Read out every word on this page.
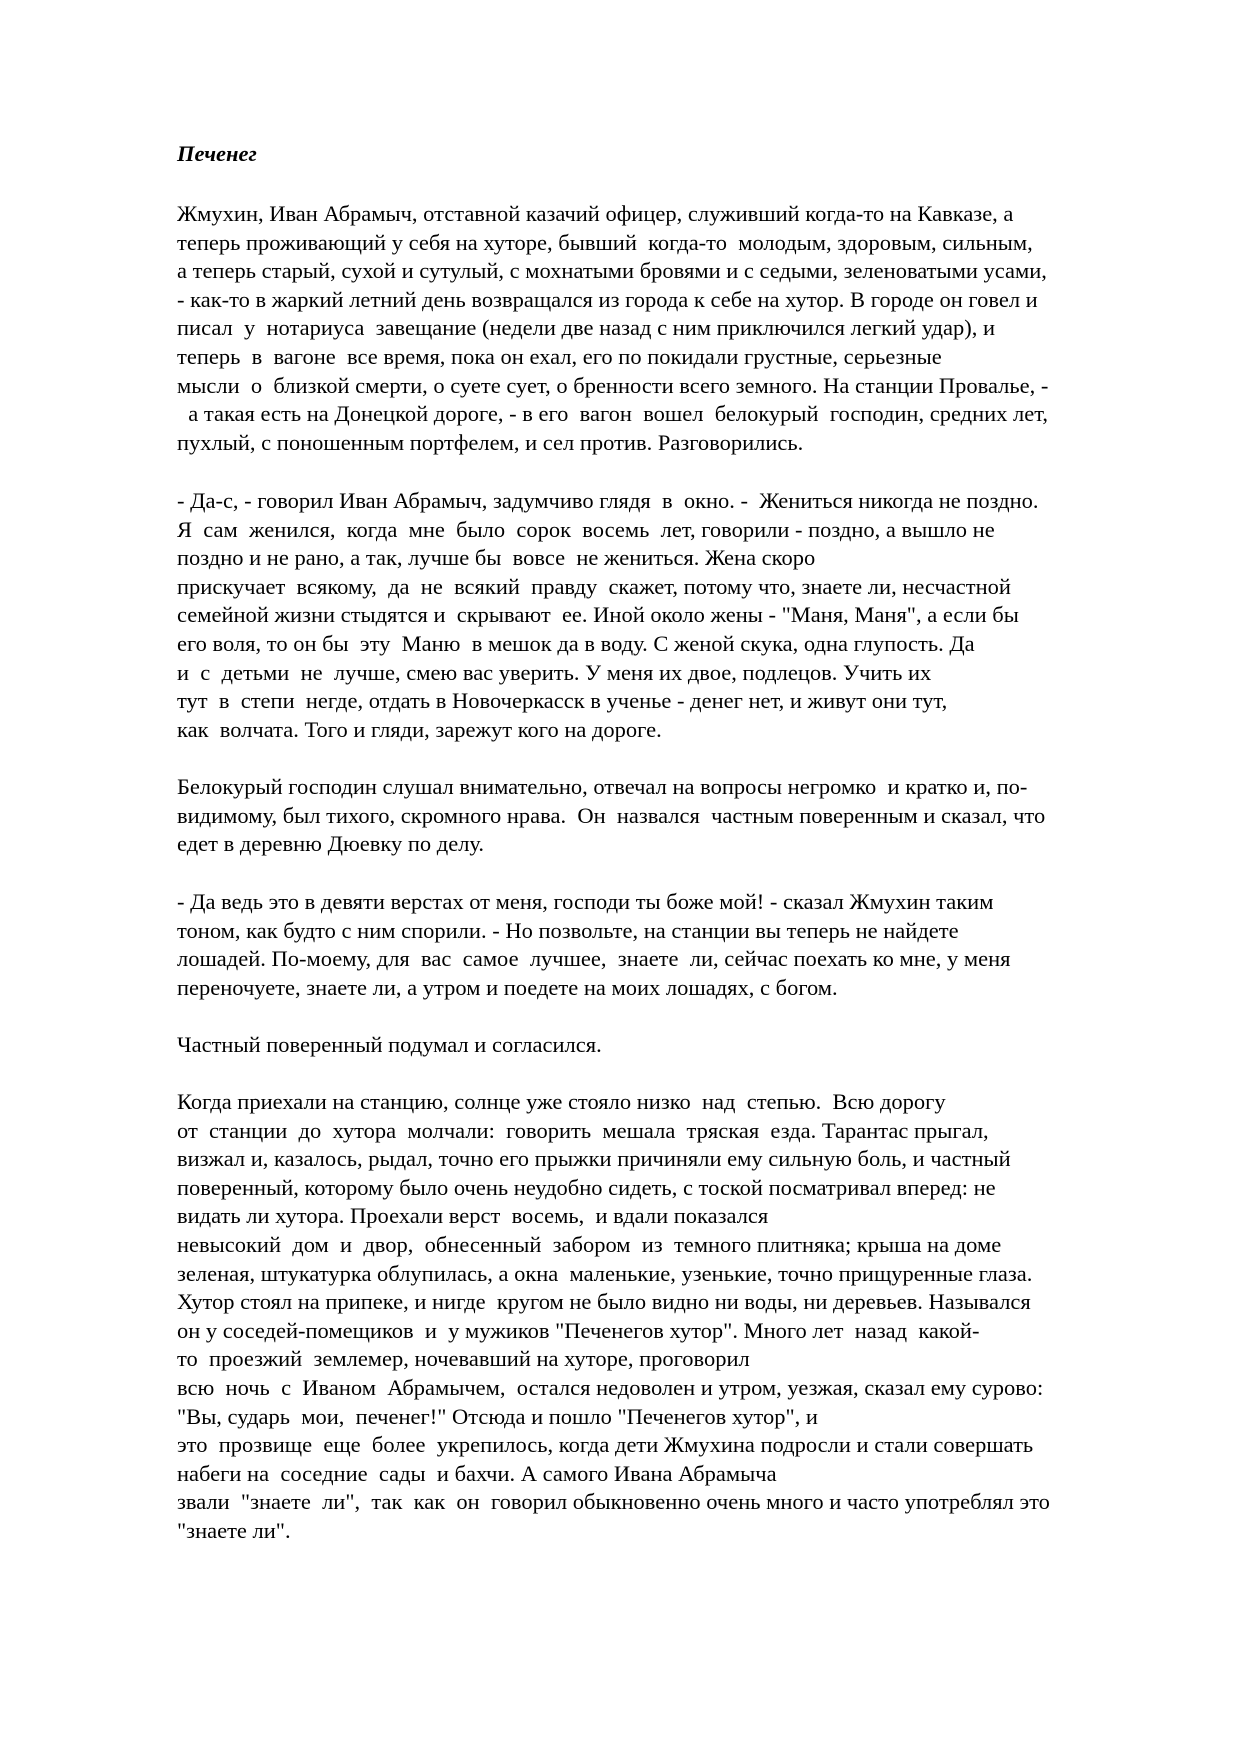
Печенег
Жмухин, Иван Абрамыч, отставной казачий офицер, служивший когда-то на Кавказе, а
теперь проживающий у себя на хуторе, бывший  когда-то  молодым, здоровым, сильным,
а теперь старый, сухой и сутулый, с мохнатыми бровями и с седыми, зеленоватыми усами,
- как-то в жаркий летний день возвращался из города к себе на хутор. В городе он говел и
писал  у  нотариуса  завещание (недели две назад с ним приключился легкий удар), и
теперь  в  вагоне  все время, пока он ехал, его по покидали грустные, серьезные
мысли  о  близкой смерти, о суете сует, о бренности всего земного. На станции Провалье, -
а такая есть на Донецкой дороге, - в его  вагон  вошел  белокурый  господин, средних лет,
пухлый, с поношенным портфелем, и сел против. Разговорились.
- Да-с, - говорил Иван Абрамыч, задумчиво глядя  в  окно. -  Жениться никогда не поздно.
Я  сам  женился,  когда  мне  было  сорок  восемь  лет, говорили - поздно, а вышло не
поздно и не рано, а так, лучше бы  вовсе  не жениться. Жена скоро
прискучает  всякому,  да  не  всякий  правду  скажет, потому что, знаете ли, несчастной
семейной жизни стыдятся и  скрывают  ее. Иной около жены - "Маня, Маня", а если бы
его воля, то он бы  эту  Маню  в мешок да в воду. С женой скука, одна глупость. Да
и  с  детьми  не  лучше, смею вас уверить. У меня их двое, подлецов. Учить их
тут  в  степи  негде, отдать в Новочеркасск в ученье - денег нет, и живут они тут,
как  волчата. Того и гляди, зарежут кого на дороге.
Белокурый господин слушал внимательно, отвечал на вопросы негромко  и кратко и, по-
видимому, был тихого, скромного нрава.  Он  назвался  частным поверенным и сказал, что
едет в деревню Дюевку по делу.
- Да ведь это в девяти верстах от меня, господи ты боже мой! - сказал Жмухин таким
тоном, как будто с ним спорили. - Но позвольте, на станции вы теперь не найдете
лошадей. По-моему, для  вас  самое  лучшее,  знаете  ли, сейчас поехать ко мне, у меня
переночуете, знаете ли, а утром и поедете на моих лошадях, с богом.
Частный поверенный подумал и согласился.
Когда приехали на станцию, солнце уже стояло низко  над  степью.  Всю дорогу
от  станции  до  хутора  молчали:  говорить  мешала  тряская  езда. Тарантас прыгал,
визжал и, казалось, рыдал, точно его прыжки причиняли ему сильную боль, и частный
поверенный, которому было очень неудобно сидеть, с тоской посматривал вперед: не
видать ли хутора. Проехали верст  восемь,  и вдали показался
невысокий  дом  и  двор,  обнесенный  забором  из  темного плитняка; крыша на доме
зеленая, штукатурка облупилась, а окна  маленькие, узенькие, точно прищуренные глаза.
Хутор стоял на припеке, и нигде  кругом не было видно ни воды, ни деревьев. Назывался
он у соседей-помещиков  и  у мужиков "Печенегов хутор". Много лет  назад  какой-
то  проезжий  землемер, ночевавший на хуторе, проговорил
всю  ночь  с  Иваном  Абрамычем,  остался недоволен и утром, уезжая, сказал ему сурово:
"Вы, сударь  мои,  печенег!" Отсюда и пошло "Печенегов хутор", и
это  прозвище  еще  более  укрепилось, когда дети Жмухина подросли и стали совершать
набеги на  соседние  сады  и бахчи. А самого Ивана Абрамыча
звали  "знаете  ли",  так  как  он  говорил обыкновенно очень много и часто употреблял это
"знаете ли".
